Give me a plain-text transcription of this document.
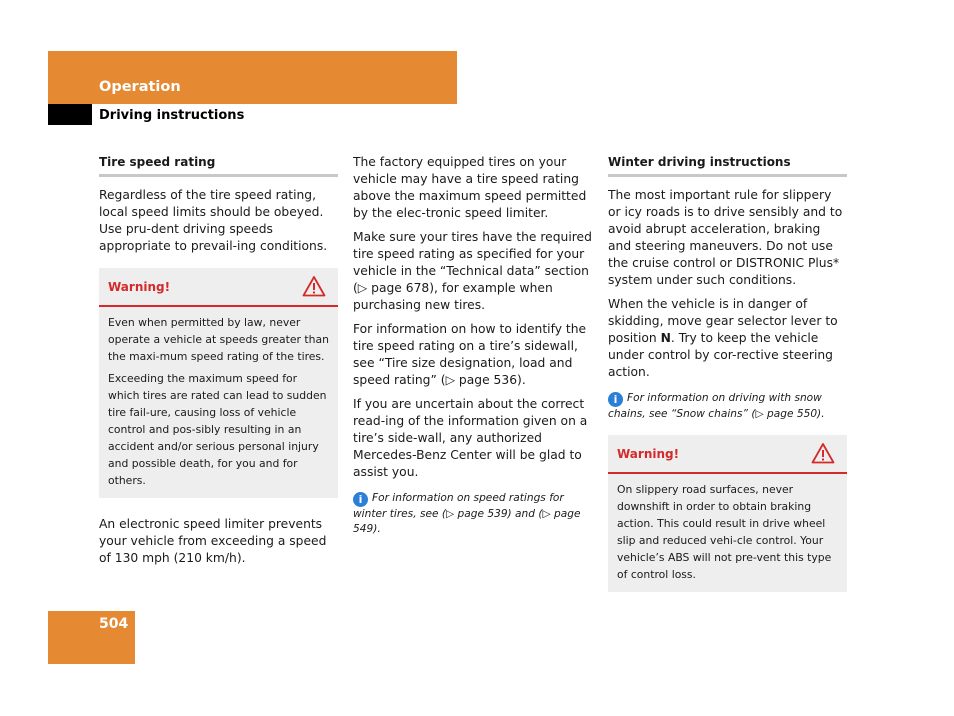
Operation
Driving instructions
Tire speed rating

Regardless of the tire speed rating, local speed limits should be obeyed. Use pru-dent driving speeds appropriate to prevail-ing conditions.

Warning!

Even when permitted by law, never operate a vehicle at speeds greater than the maxi-mum speed rating of the tires.

Exceeding the maximum speed for which tires are rated can lead to sudden tire fail-ure, causing loss of vehicle control and pos-sibly resulting in an accident and/or serious personal injury and possible death, for you and for others.

An electronic speed limiter prevents your vehicle from exceeding a speed of 130 mph (210 km/h).

The factory equipped tires on your vehicle may have a tire speed rating above the maximum speed permitted by the elec-tronic speed limiter.

Make sure your tires have the required tire speed rating as specified for your vehicle in the “Technical data” section (▷ page 678), for example when purchasing new tires.

For information on how to identify the tire speed rating on a tire’s sidewall, see “Tire size designation, load and speed rating” (▷ page 536).

If you are uncertain about the correct read-ing of the information given on a tire’s side-wall, any authorized Mercedes-Benz Center will be glad to assist you.

i For information on speed ratings for winter tires, see (▷ page 539) and (▷ page 549).
Winter driving instructions

The most important rule for slippery or icy roads is to drive sensibly and to avoid abrupt acceleration, braking and steering maneuvers. Do not use the cruise control or DISTRONIC Plus* system under such conditions.

When the vehicle is in danger of skidding, move gear selector lever to position N. Try to keep the vehicle under control by cor-rective steering action.

i For information on driving with snow chains, see “Snow chains” (▷ page 550).
Warning!

On slippery road surfaces, never downshift in order to obtain braking action. This could result in drive wheel slip and reduced vehi-cle control. Your vehicle’s ABS will not pre-vent this type of control loss.

504
